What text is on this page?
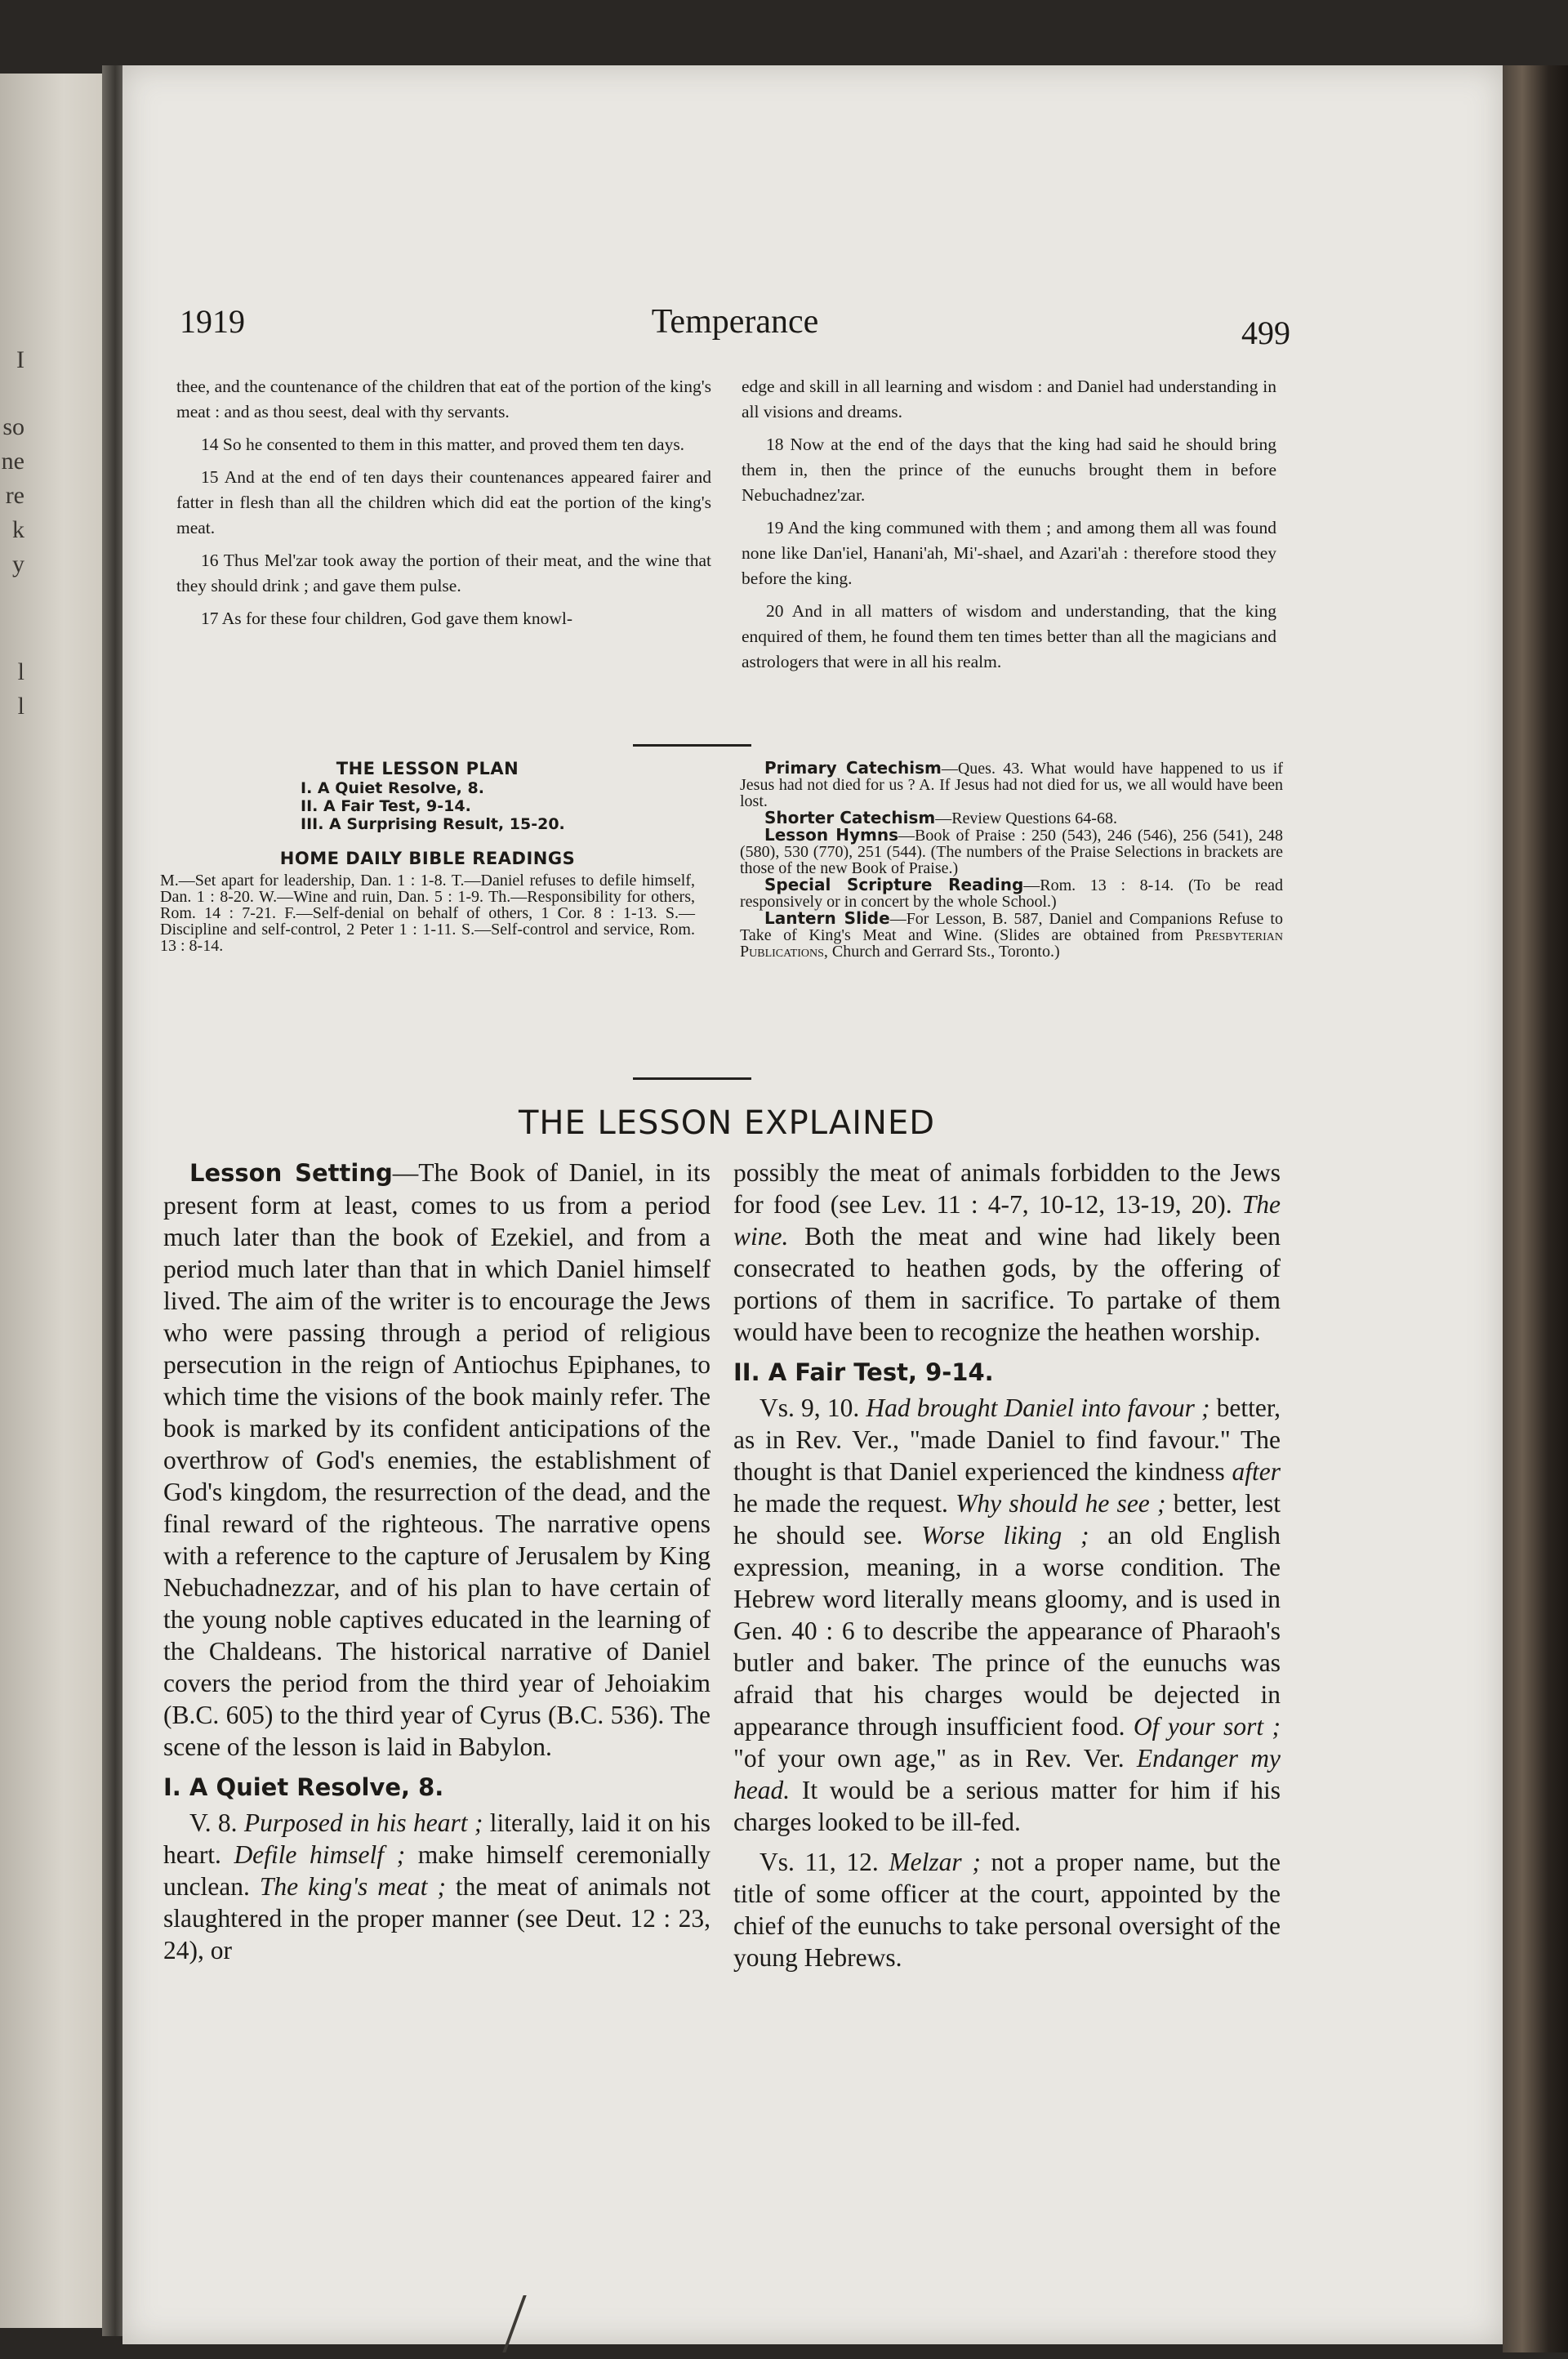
I
so
ne
re
k
y
l
l
1919	Temperance	499

thee, and the countenance of the children that eat of the portion of the king's meat : and as thou seest, deal with thy servants.

14 So he consented to them in this matter, and proved them ten days.

15 And at the end of ten days their countenances appeared fairer and fatter in flesh than all the children which did eat the portion of the king's meat.

16 Thus Mel'zar took away the portion of their meat, and the wine that they should drink ; and gave them pulse.

17 As for these four children, God gave them knowl-

edge and skill in all learning and wisdom : and Daniel had understanding in all visions and dreams.

18 Now at the end of the days that the king had said he should bring them in, then the prince of the eunuchs brought them in before Nebuchadnez'zar.

19 And the king communed with them ; and among them all was found none like Dan'iel, Hanani'ah, Mi'-shael, and Azari'ah : therefore stood they before the king.

20 And in all matters of wisdom and understanding, that the king enquired of them, he found them ten times better than all the magicians and astrologers that were in all his realm.

THE LESSON PLAN
I. A Quiet Resolve, 8.
II. A Fair Test, 9-14.
III. A Surprising Result, 15-20.
HOME DAILY BIBLE READINGS

M.—Set apart for leadership, Dan. 1 : 1-8. T.—Daniel refuses to defile himself, Dan. 1 : 8-20. W.—Wine and ruin, Dan. 5 : 1-9. Th.—Responsibility for others, Rom. 14 : 7-21. F.—Self-denial on behalf of others, 1 Cor. 8 : 1-13. S.—Discipline and self-control, 2 Peter 1 : 1-11. S.—Self-control and service, Rom. 13 : 8-14.

Primary Catechism—Ques. 43. What would have happened to us if Jesus had not died for us ? A. If Jesus had not died for us, we all would have been lost.

Shorter Catechism—Review Questions 64-68.

Lesson Hymns—Book of Praise : 250 (543), 246 (546), 256 (541), 248 (580), 530 (770), 251 (544). (The numbers of the Praise Selections in brackets are those of the new Book of Praise.)

Special Scripture Reading—Rom. 13 : 8-14. (To be read responsively or in concert by the whole School.)

Lantern Slide—For Lesson, B. 587, Daniel and Companions Refuse to Take of King's Meat and Wine. (Slides are obtained from Presbyterian Publications, Church and Gerrard Sts., Toronto.)

THE LESSON EXPLAINED

Lesson Setting—The Book of Daniel, in its present form at least, comes to us from a period much later than the book of Ezekiel, and from a period much later than that in which Daniel himself lived. The aim of the writer is to encourage the Jews who were passing through a period of religious persecution in the reign of Antiochus Epiphanes, to which time the visions of the book mainly refer. The book is marked by its confident anticipations of the overthrow of God's enemies, the establishment of God's kingdom, the resurrection of the dead, and the final reward of the righteous. The narrative opens with a reference to the capture of Jerusalem by King Nebuchadnezzar, and of his plan to have certain of the young noble captives educated in the learning of the Chaldeans. The historical narrative of Daniel covers the period from the third year of Jehoiakim (B.C. 605) to the third year of Cyrus (B.C. 536). The scene of the lesson is laid in Babylon.

I. A Quiet Resolve, 8.

V. 8. Purposed in his heart ; literally, laid it on his heart. Defile himself ; make himself ceremonially unclean. The king's meat ; the meat of animals not slaughtered in the proper manner (see Deut. 12 : 23, 24), or

possibly the meat of animals forbidden to the Jews for food (see Lev. 11 : 4-7, 10-12, 13-19, 20). The wine. Both the meat and wine had likely been consecrated to heathen gods, by the offering of portions of them in sacrifice. To partake of them would have been to recognize the heathen worship.

II. A Fair Test, 9-14.

Vs. 9, 10. Had brought Daniel into favour ; better, as in Rev. Ver., "made Daniel to find favour." The thought is that Daniel experienced the kindness after he made the request. Why should he see ; better, lest he should see. Worse liking ; an old English expression, meaning, in a worse condition. The Hebrew word literally means gloomy, and is used in Gen. 40 : 6 to describe the appearance of Pharaoh's butler and baker. The prince of the eunuchs was afraid that his charges would be dejected in appearance through insufficient food. Of your sort ; "of your own age," as in Rev. Ver. Endanger my head. It would be a serious matter for him if his charges looked to be ill-fed.

Vs. 11, 12. Melzar ; not a proper name, but the title of some officer at the court, appointed by the chief of the eunuchs to take personal oversight of the young Hebrews.
